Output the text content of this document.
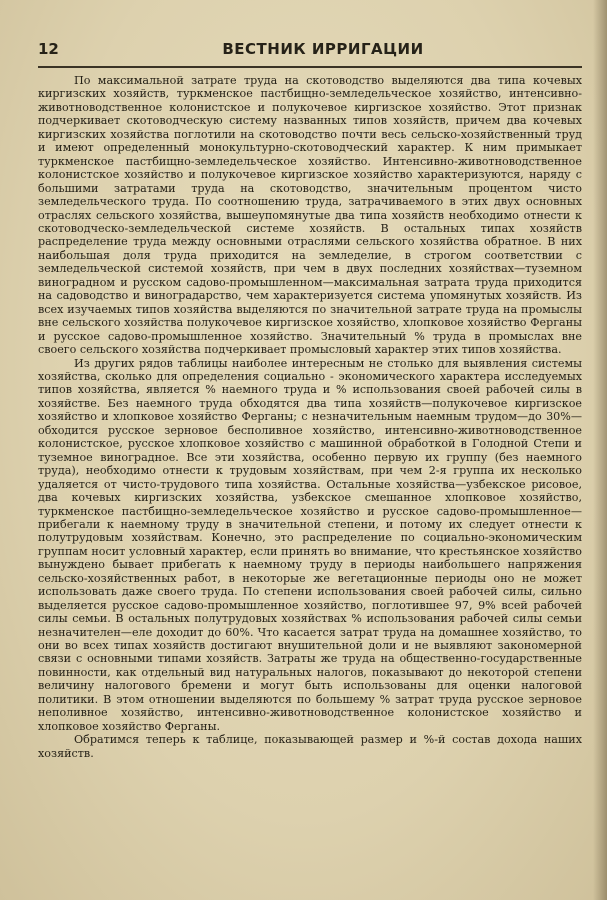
12	ВЕСТНИК ИРРИГАЦИИ

По максимальной затрате труда на скотоводство выделяются два типа кочевых киргизских хозяйств, туркменское пастбищно-земледельческое хозяйство, интенсивно-животноводственное колонистское и полукочевое киргизское хозяйство. Этот признак подчеркивает скотоводческую систему названных типов хозяйств, причем два кочевых киргизских хозяйства поглотили на скотоводство почти весь сельско-хозяйственный труд и имеют определенный монокультурно-скотоводческий характер. К ним примыкает туркменское пастбищно-земледельческое хозяйство. Интенсивно-животноводственное колонистское хозяйство и полукочевое киргизское хозяйство характеризуются, наряду с большими затратами труда на скотоводство, значительным процентом чисто земледельческого труда. По соотношению труда, затрачиваемого в этих двух основных отраслях сельского хозяйства, вышеупомянутые два типа хозяйств необходимо отнести к скотоводческо-земледельческой системе хозяйств. В остальных типах хозяйств распределение труда между основными отраслями сельского хозяйства обратное. В них наибольшая доля труда приходится на земледелие, в строгом соответствии с земледельческой системой хозяйств, при чем в двух последних хозяйствах—туземном виноградном и русском садово-промышленном—максимальная затрата труда приходится на садоводство и виноградарство, чем характеризуется система упомянутых хозяйств. Из всех изучаемых типов хозяйства выделяются по значительной затрате труда на промыслы вне сельского хозяйства полукочевое киргизское хозяйство, хлопковое хозяйство Ферганы и русское садово-промышленное хозяйство. Значительный % труда в промыслах вне своего сельского хозяйства подчеркивает промысловый характер этих типов хозяйства.

Из других рядов таблицы наиболее интересным не столько для выявления системы хозяйства, сколько для определения социально - экономического характера исследуемых типов хозяйства, является % наемного труда и % использования своей рабочей силы в хозяйстве. Без наемного труда обходятся два типа хозяйств—полукочевое киргизское хозяйство и хлопковое хозяйство Ферганы; с незначительным наемным трудом—до 30%—обходится русское зерновое бесполивное хозяйство, интенсивно-животноводственное колонистское, русское хлопковое хозяйство с машинной обработкой в Голодной Степи и туземное виноградное. Все эти хозяйства, особенно первую их группу (без наемного труда), необходимо отнести к трудовым хозяйствам, при чем 2-я группа их несколько удаляется от чисто-трудового типа хозяйства. Остальные хозяйства—узбекское рисовое, два кочевых киргизских хозяйства, узбекское смешанное хлопковое хозяйство, туркменское пастбищно-земледельческое хозяйство и русское садово-промышленное—прибегали к наемному труду в значительной степени, и потому их следует отнести к полутрудовым хозяйствам. Конечно, это распределение по социально-экономическим группам носит условный характер, если принять во внимание, что крестьянское хозяйство вынуждено бывает прибегать к наемному труду в периоды наибольшего напряжения сельско-хозяйственных работ, в некоторые же вегетационные периоды оно не может использовать даже своего труда. По степени использования своей рабочей силы, сильно выделяется русское садово-промышленное хозяйство, поглотившее 97, 9% всей рабочей силы семьи. В остальных полутрудовых хозяйствах % использования рабочей силы семьи незначителен—еле доходит до 60%. Что касается затрат труда на домашнее хозяйство, то они во всех типах хозяйств достигают внушительной доли и не выявляют закономерной связи с основными типами хозяйств. Затраты же труда на общественно-государственные повинности, как отдельный вид натуральных налогов, показывают до некоторой степени величину налогового бремени и могут быть использованы для оценки налоговой политики. В этом отношении выделяются по большему % затрат труда русское зерновое неполивное хозяйство, интенсивно-животноводственное колонистское хозяйство и хлопковое хозяйство Ферганы.

Обратимся теперь к таблице, показывающей размер и %-й состав дохода наших хозяйств.
